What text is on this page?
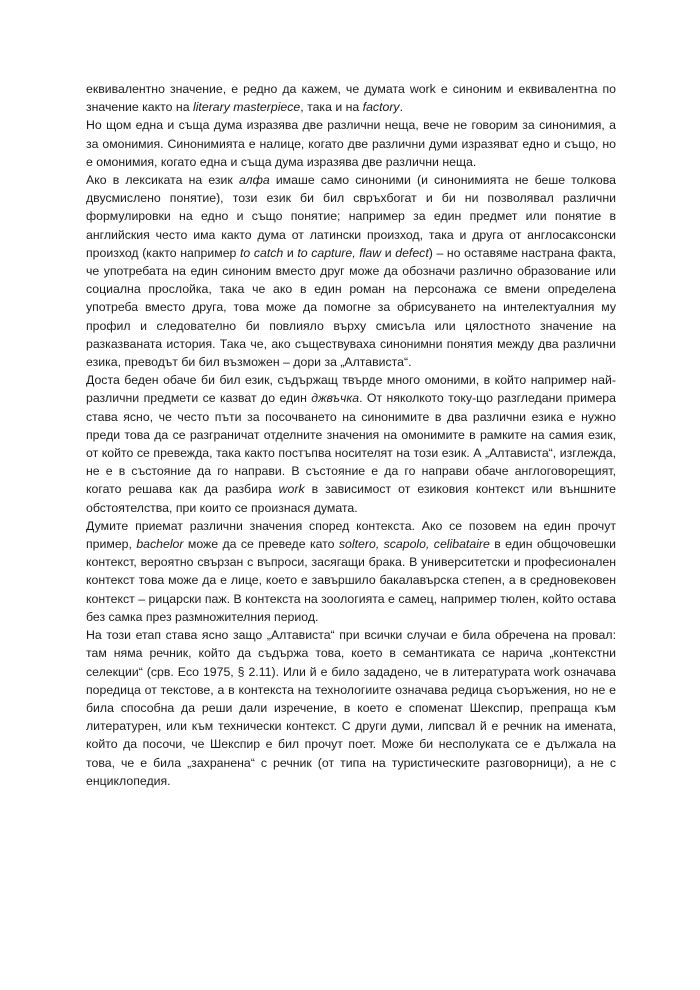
еквивалентно значение, е редно да кажем, че думата work е синоним и еквивалентна по значение както на literary masterpiece, така и на factory.

Но щом една и съща дума изразява две различни неща, вече не говорим за синонимия, а за омонимия. Синонимията е налице, когато две различни думи изразяват едно и също, но е омонимия, когато една и съща дума изразява две различни неща.

Ако в лексиката на език алфа имаше само синоними (и синонимията не беше толкова двусмислено понятие), този език би бил свръхбогат и би ни позволявал различни формулировки на едно и също понятие; например за един предмет или понятие в английския често има както дума от латински произход, така и друга от англосаксонски произход (както например to catch и to capture, flaw и defect) – но оставяме настрана факта, че употребата на един синоним вместо друг може да обозначи различно образование или социална прослойка, така че ако в един роман на персонажа се вмени определена употреба вместо друга, това може да помогне за обрисуването на интелектуалния му профил и следователно би повлияло върху смисъла или цялостното значение на разказваната история. Така че, ако съществуваха синонимни понятия между два различни езика, преводът би бил възможен – дори за „Алтависта“.

Доста беден обаче би бил език, съдържащ твърде много омоними, в който например най-различни предмети се казват до един джвъчка. От няколкото току-що разгледани примера става ясно, че често пъти за посочването на синонимите в два различни езика е нужно преди това да се разграничат отделните значения на омонимите в рамките на самия език, от който се превежда, така както постъпва носителят на този език. А „Алтависта“, изглежда, не е в състояние да го направи. В състояние е да го направи обаче англоговорещият, когато решава как да разбира work в зависимост от езиковия контекст или външните обстоятелства, при които се произнася думата.

Думите приемат различни значения според контекста. Ако се позовем на един прочут пример, bachelor може да се преведе като soltero, scapolo, celibataire в един общочовешки контекст, вероятно свързан с въпроси, засягащи брака. В университетски и професионален контекст това може да е лице, което е завършило бакалавърска степен, а в средновековен контекст – рицарски паж. В контекста на зоологията е самец, например тюлен, който остава без самка през размножителния период.

На този етап става ясно защо „Алтависта“ при всички случаи е била обречена на провал: там няма речник, който да съдържа това, което в семантиката се нарича „контекстни селекции“ (срв. Eco 1975, § 2.11). Или й е било зададено, че в литературата work означава поредица от текстове, а в контекста на технологиите означава редица съоръжения, но не е била способна да реши дали изречение, в което е споменат Шекспир, препраща към литературен, или към технически контекст. С други думи, липсвал й е речник на имената, който да посочи, че Шекспир е бил прочут поет. Може би несполуката се е дължала на това, че е била „захранена“ с речник (от типа на туристическите разговорници), а не с енциклопедия.
